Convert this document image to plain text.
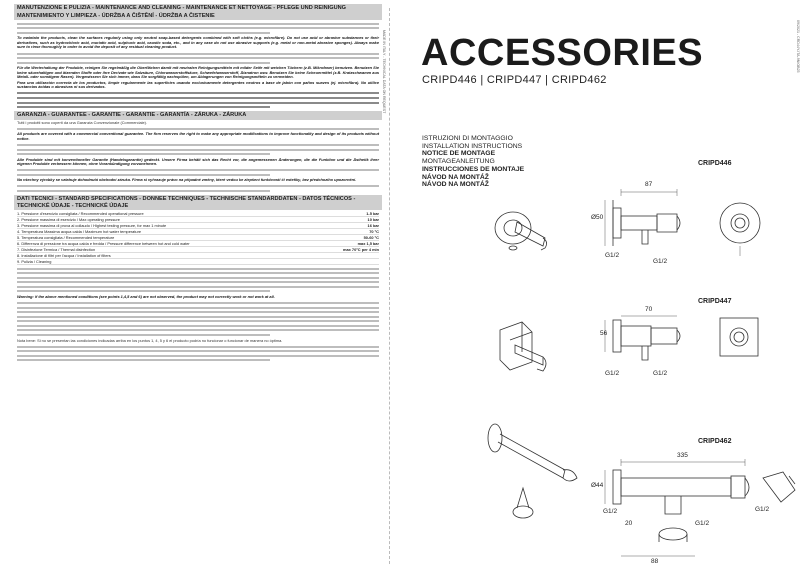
MANUTENZIONE E PULIZIA - MAINTENANCE AND CLEANING - MAINTENANCE ET NETTOYAGE - PFLEGE UND REINIGUNG
MANTENIMIENTO Y LIMPIEZA - ÚDRŽBA A ČIŠTĚNÍ - ÚDRŽBA A ČISTENIE
To maintain the products, clean the surfaces regularly using only neutral soap-based detergents combined with soft cloths (e.g. microfibre). Do not use acid or abrasive substances or their derivatives, such as hydrochloric acid, muriatic acid, sulphuric acid, caustic soda, etc., and in any case do not use abrasive supports (e.g. metal or non-metal abrasive sponges). Always make sure to rinse thoroughly in order to avoid the deposit of any residual cleaning product.
Für die Werterhaltung der Produkte, reinigen Sie regelmäßig die Oberflächen damit mit neutralen Reinigungsmitteln mit milder Seife mit weichen Tüchern (z.B. Mikrofaser) benutzen. Benutzen Sie keine säurehaltigen und ätzenden Stoffe oder ihre Derivate wie Salzsäure, Chlorwasserstoffsäure, Schwefelwasserstoff, Ätznatron usw. Benutzen Sie keine Scheuermittel (z.B. Kratzschwamm aus Metall- oder sonstigem Rasen). Vergewissern Sie sich immer, dass Sie sorgfältig nachspülen, um Ablagerungen von Reinigungsmitteln zu vermeiden.
Para una utilización correcta de los productos, limpie regularmente las superficies usando exclusivamente detergentes neutros a base de jabón con paños suaves (ej. microfibra). No utilice sustancias ácidas o abrasivas ni sus derivados.
GARANZIA - GUARANTEE - GARANTIE - GARANTIE - GARANTÍA - ZÁRUKA - ZÁRUKA
Tutti i prodotti sono coperti da una Garanzia Convenzionale (Commerciale).
All products are covered with a commercial conventional guarantee. The firm reserves the right to make any appropriate modifications to improve functionality and design of its products without notice.
Alle Produkte sind mit konventioneller Garantie (Handelsgarantie) gedeckt. Unsere Firma behält sich das Recht vor, die angemessenen Änderungen, die die Funktion und die Ästhetik ihrer eigenen Produkte verbessern können, ohne Vorankündigung vorzunehmen.
Na všechny výrobky se vztahuje dohodnutá obchodní záruka. Firma si vyhrazuje právo na případné změny, které vedou ke zlepšení funkčnosti či estetiky, bez předchozího upozornění.
DATI TECNICI - STANDARD SPECIFICATIONS - DONNEE TECHNIQUES - TECHNISCHE STANDARDDATEN - DATOS TÉCNICOS - TECHNICKÉ ÚDAJE - TECHNICKÉ ÚDAJE
1. Pressione d'esercizio consigliata / Recommended operational pressure	1-5 bar
2. Pressione massima di esercizio / Max operating pressure	10 bar
3. Pressione massima di prova al collaudo / Highest testing pressure, for max 1 minute	16 bar
4. Temperatura Massima acqua calda / Maximum hot water temperature	70 °C
5. Temperatura consigliata / Recommended temperature	50-60 °C
6. Differenza di pressione tra acqua calda e fredda / Pressure difference between hot and cold water	max 1,5 bar
7. Disinfezione Termica / Thermal disinfection	max 70°C per 4 min
8. Installazione di filtri per l'acqua / Installation of filters
9. Pulizia / Cleaning
Warning: if the above mentioned conditions (see points 1,4,5 and 6) are not observed, the product may not correctly work or not work at all.
Nota bene: Si no se presentan las condiciones indicadas arriba en los puntos 1, 4, 5 y 6 el producto podría no funcionar o funcionar de manera no óptima.
MADE IN ITALY - TECHNICAL DATA ON REQUEST	09/2021 - CRD44Y-ITA-9NIOB25
ACCESSORIES
CRIPD446 | CRIPD447 | CRIPD462
ISTRUZIONI DI MONTAGGIO
INSTALLATION INSTRUCTIONS
NOTICE DE MONTAGE
MONTAGEANLEITUNG
INSTRUCCIONES DE MONTAJE
NÁVOD NA MONTÁŽ
NÁVOD NA MONTÁŽ
CRIPD446
CRIPD447
CRIPD462
Ø50
87
G1/2
G1/2
56
70
G1/2	G1/2
335
Ø44
G1/2
20
88
G1/2
G1/2
